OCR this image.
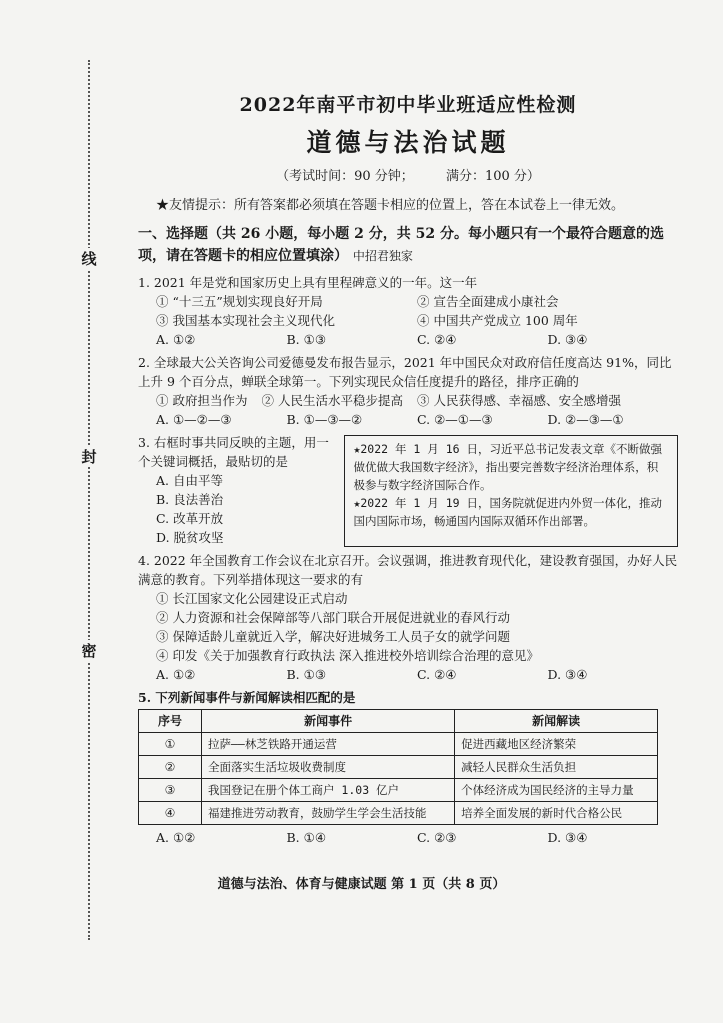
线
封
密
2022年南平市初中毕业班适应性检测
道德与法治试题
（考试时间：90 分钟； 满分：100 分）
★友情提示：所有答案都必须填在答题卡相应的位置上，答在本试卷上一律无效。
一、选择题（共 26 小题，每小题 2 分，共 52 分。每小题只有一个最符合题意的选项，请在答题卡的相应位置填涂） 中招君独家
1. 2021 年是党和国家历史上具有里程碑意义的一年。这一年
① “十三五”规划实现良好开局	② 宣告全面建成小康社会
③ 我国基本实现社会主义现代化	④ 中国共产党成立 100 周年
A. ①②	B. ①③	C. ②④	D. ③④
2. 全球最大公关咨询公司爱德曼发布报告显示，2021 年中国民众对政府信任度高达 91%，同比上升 9 个百分点，蝉联全球第一。下列实现民众信任度提升的路径，排序正确的
① 政府担当作为 ② 人民生活水平稳步提高 ③ 人民获得感、幸福感、安全感增强
A. ①—②—③	B. ①—③—②	C. ②—①—③	D. ②—③—①
3. 右框时事共同反映的主题，用一个关键词概括，最贴切的是
A. 自由平等
B. 良法善治
C. 改革开放
D. 脱贫攻坚
★2022 年 1 月 16 日，习近平总书记发表文章《不断做强做优做大我国数字经济》，指出要完善数字经济治理体系，积极参与数字经济国际合作。
★2022 年 1 月 19 日，国务院就促进内外贸一体化，推动国内国际市场，畅通国内国际双循环作出部署。
4. 2022 年全国教育工作会议在北京召开。会议强调，推进教育现代化，建设教育强国，办好人民满意的教育。下列举措体现这一要求的有
① 长江国家文化公园建设正式启动
② 人力资源和社会保障部等八部门联合开展促进就业的春风行动
③ 保障适龄儿童就近入学，解决好进城务工人员子女的就学问题
④ 印发《关于加强教育行政执法 深入推进校外培训综合治理的意见》
A. ①②	B. ①③	C. ②④	D. ③④
5. 下列新闻事件与新闻解读相匹配的是
序号	新闻事件	新闻解读
①	拉萨——林芝铁路开通运营	促进西藏地区经济繁荣
②	全面落实生活垃圾收费制度	减轻人民群众生活负担
③	我国登记在册个体工商户 1.03 亿户	个体经济成为国民经济的主导力量
④	福建推进劳动教育，鼓励学生学会生活技能	培养全面发展的新时代合格公民
A. ①②	B. ①④	C. ②③	D. ③④
道德与法治、体育与健康试题 第 1 页（共 8 页）
